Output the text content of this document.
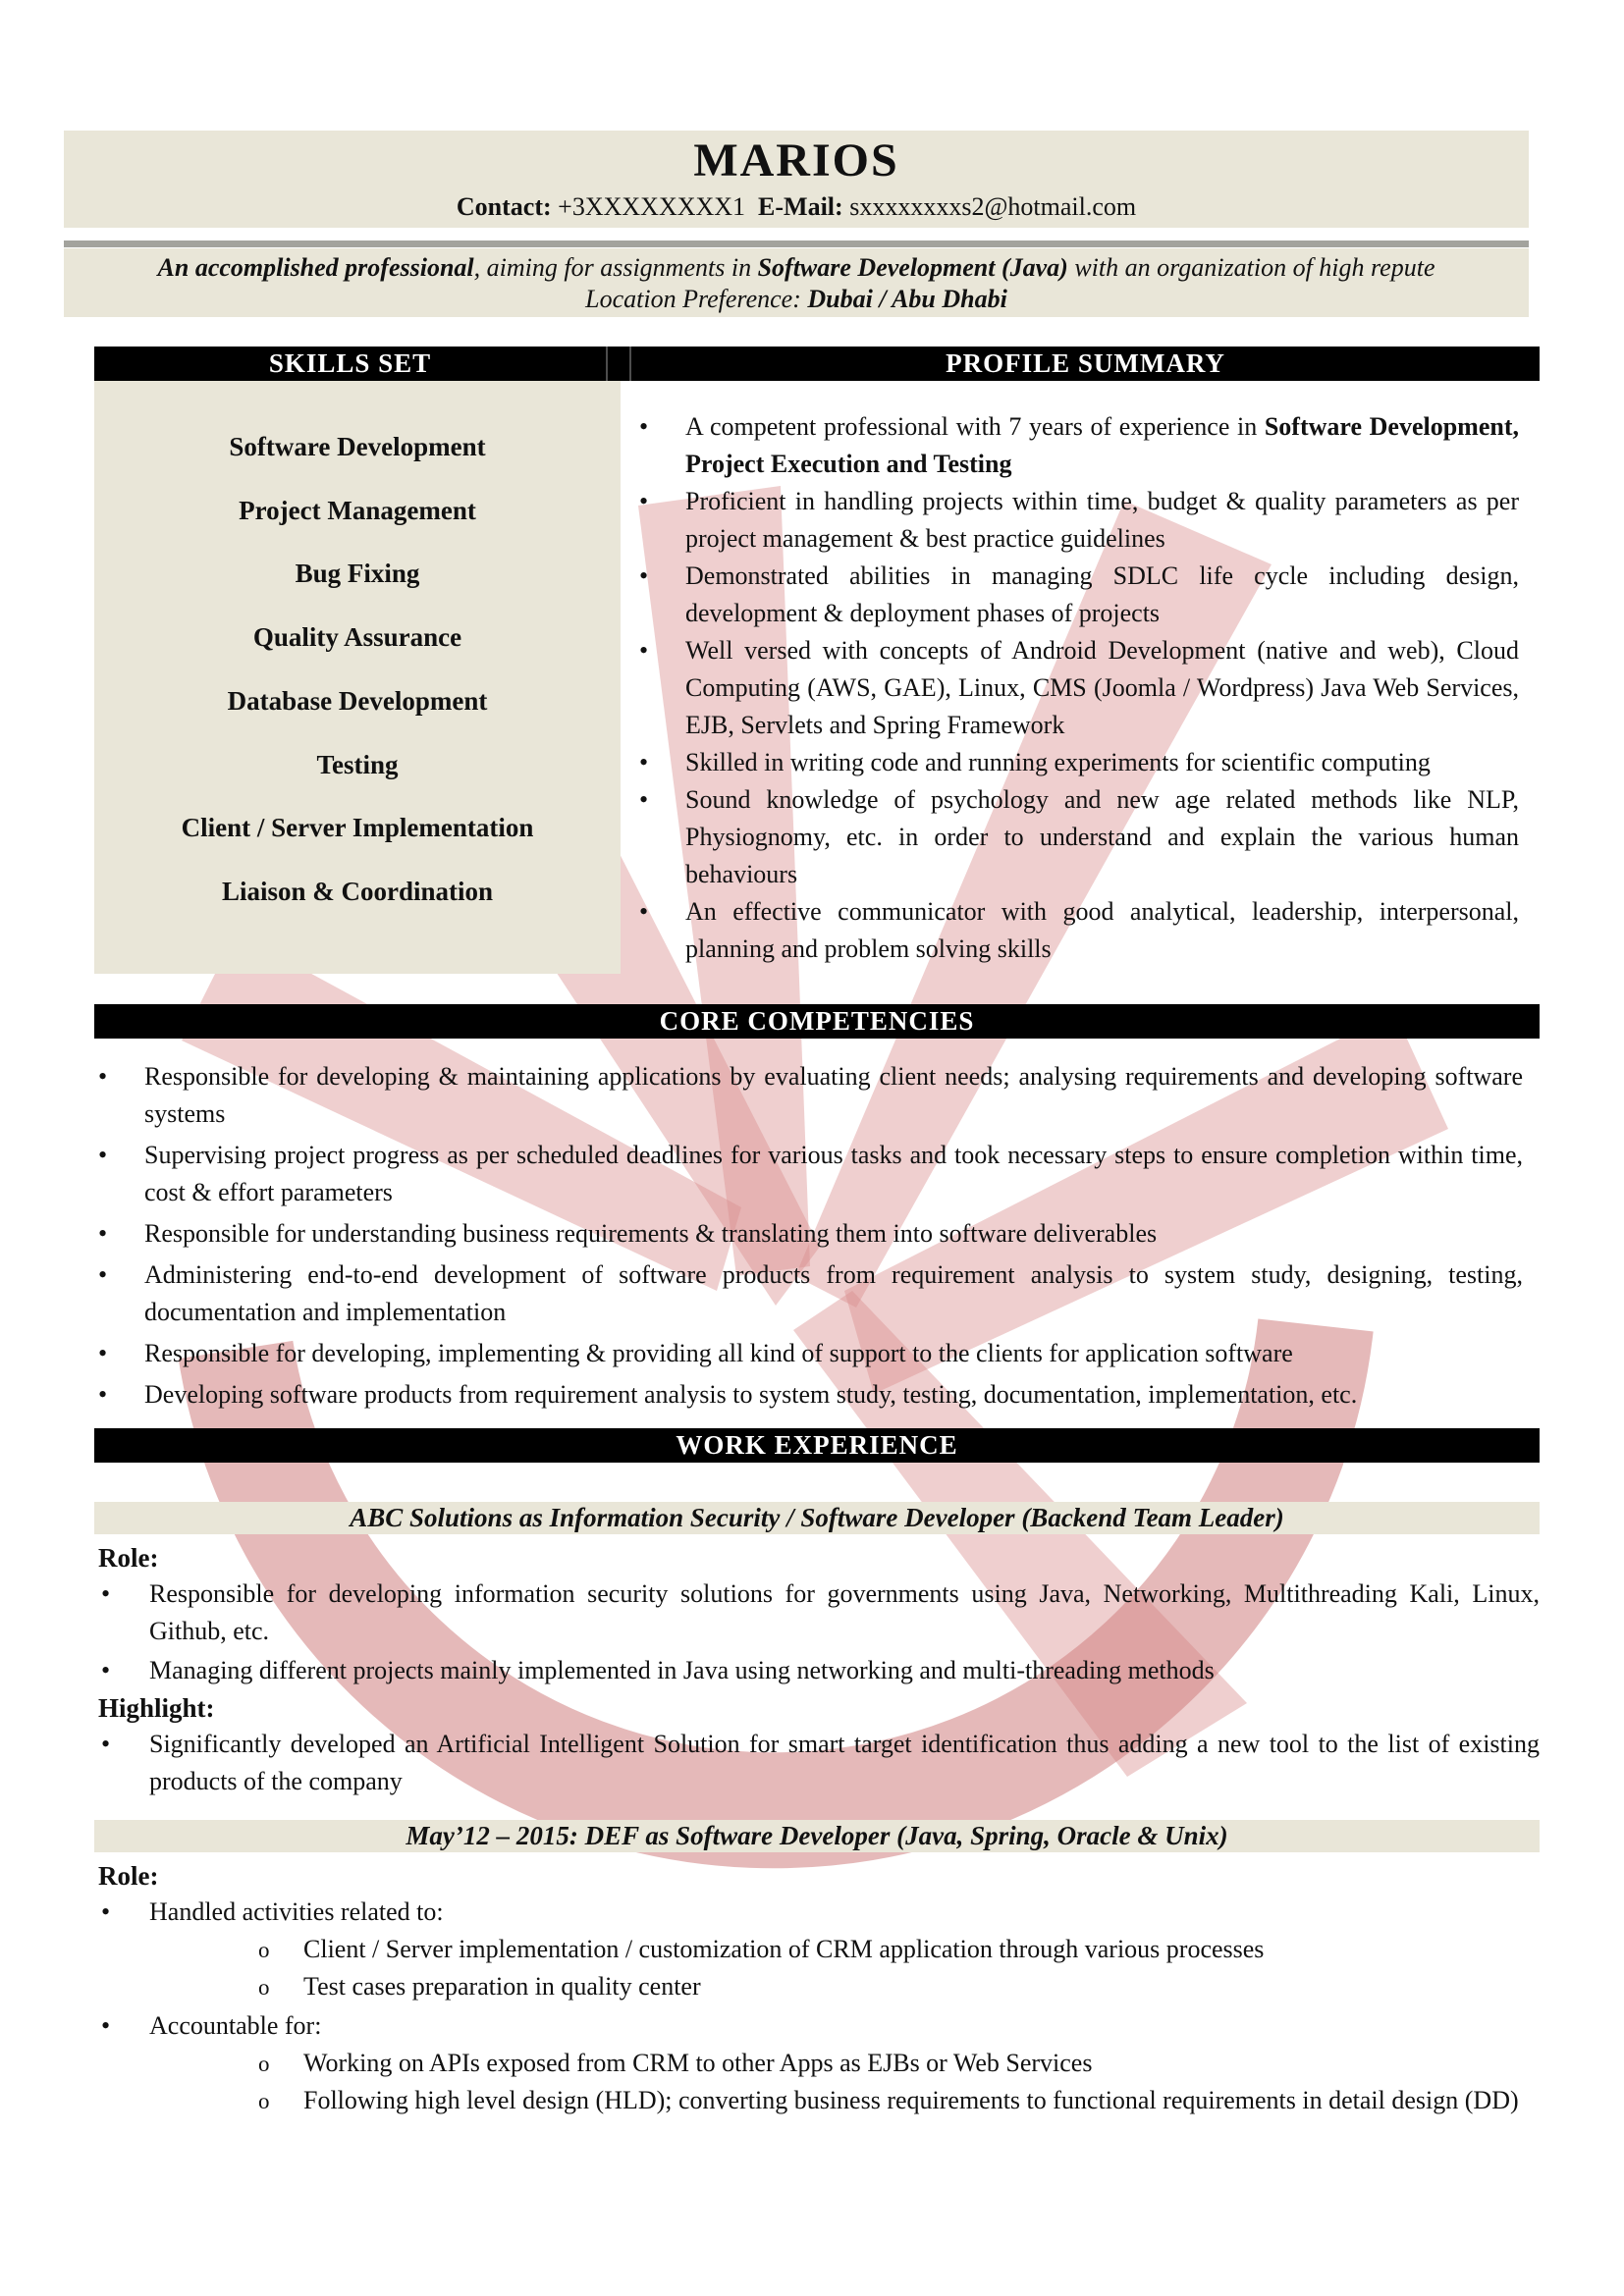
MARIOS
Contact: +3XXXXXXXX1 E-Mail: sxxxxxxxxs2@hotmail.com
An accomplished professional, aiming for assignments in Software Development (Java) with an organization of high repute
Location Preference: Dubai / Abu Dhabi
SKILLS SET	PROFILE SUMMARY
Software Development
Project Management
Bug Fixing
Quality Assurance
Database Development
Testing
Client / Server Implementation
Liaison & Coordination
• A competent professional with 7 years of experience in Software Development, Project Execution and Testing
• Proficient in handling projects within time, budget & quality parameters as per project management & best practice guidelines
• Demonstrated abilities in managing SDLC life cycle including design, development & deployment phases of projects
• Well versed with concepts of Android Development (native and web), Cloud Computing (AWS, GAE), Linux, CMS (Joomla / Wordpress) Java Web Services, EJB, Servlets and Spring Framework
• Skilled in writing code and running experiments for scientific computing
• Sound knowledge of psychology and new age related methods like NLP, Physiognomy, etc. in order to understand and explain the various human behaviours
• An effective communicator with good analytical, leadership, interpersonal, planning and problem solving skills
CORE COMPETENCIES
• Responsible for developing & maintaining applications by evaluating client needs; analysing requirements and developing software systems
• Supervising project progress as per scheduled deadlines for various tasks and took necessary steps to ensure completion within time, cost & effort parameters
• Responsible for understanding business requirements & translating them into software deliverables
• Administering end-to-end development of software products from requirement analysis to system study, designing, testing, documentation and implementation
• Responsible for developing, implementing & providing all kind of support to the clients for application software
• Developing software products from requirement analysis to system study, testing, documentation, implementation, etc.
WORK EXPERIENCE
ABC Solutions as Information Security / Software Developer (Backend Team Leader)
Role:
• Responsible for developing information security solutions for governments using Java, Networking, Multithreading Kali, Linux, Github, etc.
• Managing different projects mainly implemented in Java using networking and multi-threading methods
Highlight:
• Significantly developed an Artificial Intelligent Solution for smart target identification thus adding a new tool to the list of existing products of the company
May’12 – 2015: DEF as Software Developer (Java, Spring, Oracle & Unix)
Role:
• Handled activities related to:
o Client / Server implementation / customization of CRM application through various processes
o Test cases preparation in quality center
• Accountable for:
o Working on APIs exposed from CRM to other Apps as EJBs or Web Services
o Following high level design (HLD); converting business requirements to functional requirements in detail design (DD)
